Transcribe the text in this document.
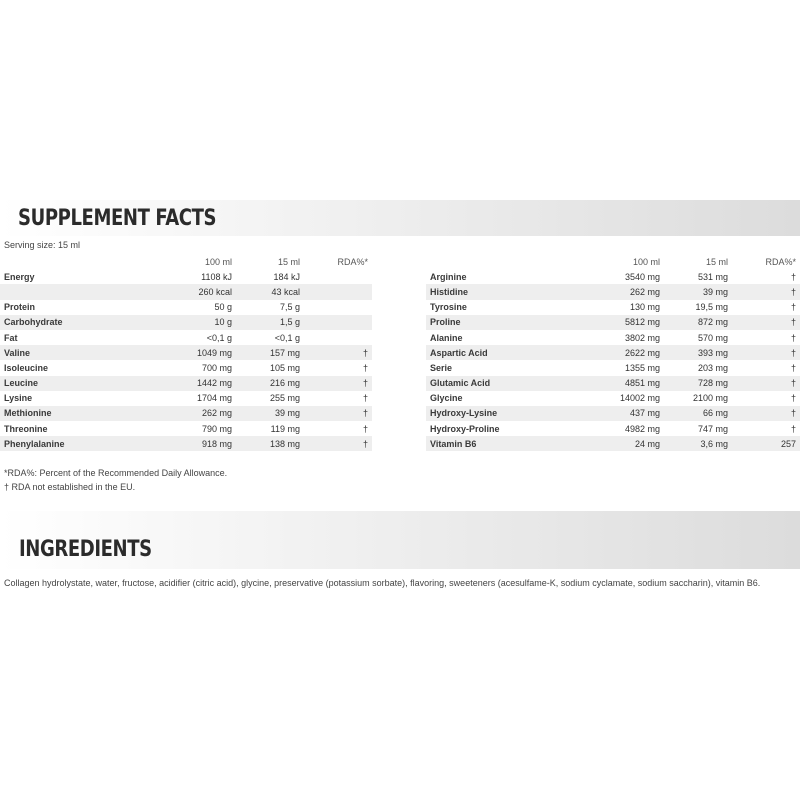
SUPPLEMENT FACTS
Serving size: 15 ml
	100 ml	15 ml	RDA%*
Energy	1108 kJ	184 kJ	
	260 kcal	43 kcal	
Protein	50 g	7,5 g	
Carbohydrate	10 g	1,5 g	
Fat	<0,1 g	<0,1 g	
Valine	1049 mg	157 mg	†
Isoleucine	700 mg	105 mg	†
Leucine	1442 mg	216 mg	†
Lysine	1704 mg	255 mg	†
Methionine	262 mg	39 mg	†
Threonine	790 mg	119 mg	†
Phenylalanine	918 mg	138 mg	†
	100 ml	15 ml	RDA%*
Arginine	3540 mg	531 mg	†
Histidine	262 mg	39 mg	†
Tyrosine	130 mg	19,5 mg	†
Proline	5812 mg	872 mg	†
Alanine	3802 mg	570 mg	†
Aspartic Acid	2622 mg	393 mg	†
Serie	1355 mg	203 mg	†
Glutamic Acid	4851 mg	728 mg	†
Glycine	14002 mg	2100 mg	†
Hydroxy-Lysine	437 mg	66 mg	†
Hydroxy-Proline	4982 mg	747 mg	†
Vitamin B6	24 mg	3,6 mg	257
*RDA%: Percent of the Recommended Daily Allowance.
† RDA not established in the EU.
INGREDIENTS
Collagen hydrolystate, water, fructose, acidifier (citric acid), glycine, preservative (potassium sorbate), flavoring, sweeteners (acesulfame-K, sodium cyclamate, sodium saccharin), vitamin B6.
